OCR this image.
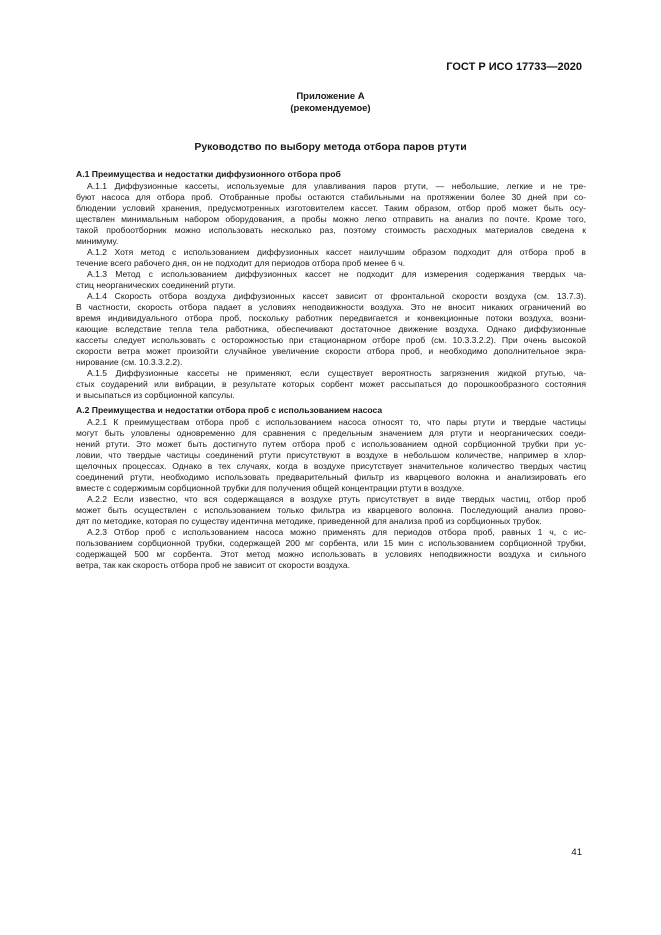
ГОСТ Р ИСО 17733—2020
Приложение А
(рекомендуемое)
Руководство по выбору метода отбора паров ртути
А.1 Преимущества и недостатки диффузионного отбора проб
А.1.1 Диффузионные кассеты, используемые для улавливания паров ртути, — небольшие, легкие и не тре-
буют насоса для отбора проб. Отобранные пробы остаются стабильными на протяжении более 30 дней при со-
блюдении условий хранения, предусмотренных изготовителем кассет. Таким образом, отбор проб может быть осу-
ществлен минимальным набором оборудования, а пробы можно легко отправить на анализ по почте. Кроме того,
такой пробоотборник можно использовать несколько раз, поэтому стоимость расходных материалов сведена к
минимуму.
А.1.2 Хотя метод с использованием диффузионных кассет наилучшим образом подходит для отбора проб в
течение всего рабочего дня, он не подходит для периодов отбора проб менее 6 ч.
А.1.3 Метод с использованием диффузионных кассет не подходит для измерения содержания твердых ча-
стиц неорганических соединений ртути.
А.1.4 Скорость отбора воздуха диффузионных кассет зависит от фронтальной скорости воздуха (см. 13.7.3).
В частности, скорость отбора падает в условиях неподвижности воздуха. Это не вносит никаких ограничений во
время индивидуального отбора проб, поскольку работник передвигается и конвекционные потоки воздуха, возни-
кающие вследствие тепла тела работника, обеспечивают достаточное движение воздуха. Однако диффузионные
кассеты следует использовать с осторожностью при стационарном отборе проб (см. 10.3.3.2.2). При очень высокой
скорости ветра может произойти случайное увеличение скорости отбора проб, и необходимо дополнительное экра-
нирование (см. 10.3.3.2.2).
А.1.5 Диффузионные кассеты не применяют, если существует вероятность загрязнения жидкой ртутью, ча-
стых соударений или вибрации, в результате которых сорбент может рассыпаться до порошкообразного состояния
и высыпаться из сорбционной капсулы.
А.2 Преимущества и недостатки отбора проб с использованием насоса
А.2.1 К преимуществам отбора проб с использованием насоса относят то, что пары ртути и твердые частицы
могут быть уловлены одновременно для сравнения с предельным значением для ртути и неорганических соеди-
нений ртути. Это может быть достигнуто путем отбора проб с использованием одной сорбционной трубки при ус-
ловии, что твердые частицы соединений ртути присутствуют в воздухе в небольшом количестве, например в хлор-
щелочных процессах. Однако в тех случаях, когда в воздухе присутствует значительное количество твердых частиц
соединений ртути, необходимо использовать предварительный фильтр из кварцевого волокна и анализировать его
вместе с содержимым сорбционной трубки для получения общей концентрации ртути в воздухе.
А.2.2 Если известно, что вся содержащаяся в воздухе ртуть присутствует в виде твердых частиц, отбор проб
может быть осуществлен с использованием только фильтра из кварцевого волокна. Последующий анализ прово-
дят по методике, которая по существу идентична методике, приведенной для анализа проб из сорбционных трубок.
А.2.3 Отбор проб с использованием насоса можно применять для периодов отбора проб, равных 1 ч, с ис-
пользованием сорбционной трубки, содержащей 200 мг сорбента, или 15 мин с использованием сорбционной трубки,
содержащей 500 мг сорбента. Этот метод можно использовать в условиях неподвижности воздуха и сильного
ветра, так как скорость отбора проб не зависит от скорости воздуха.
41
